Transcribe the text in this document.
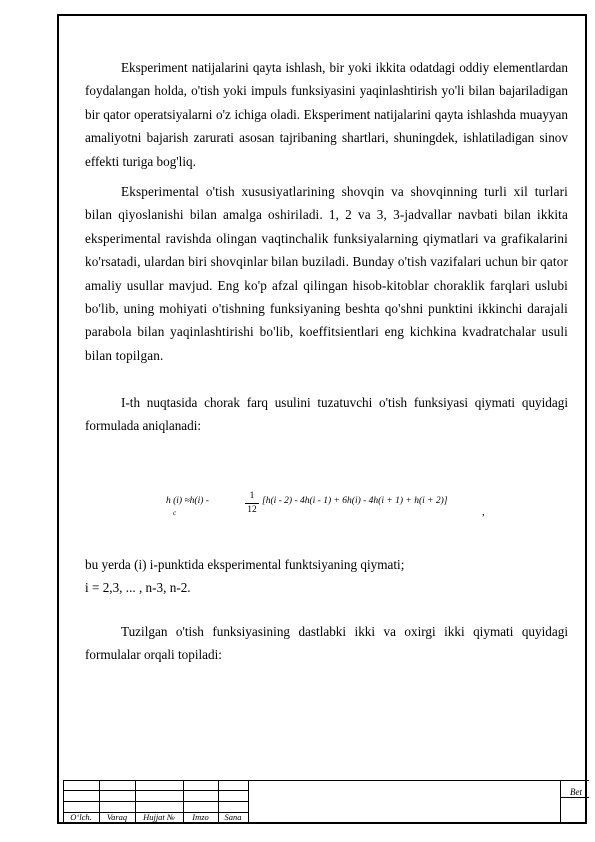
Eksperiment natijalarini qayta ishlash, bir yoki ikkita odatdagi oddiy elementlardan foydalangan holda, o'tish yoki impuls funksiyasini yaqinlashtirish yo'li bilan bajariladigan bir qator operatsiyalarni o'z ichiga oladi. Eksperiment natijalarini qayta ishlashda muayyan amaliyotni bajarish zarurati asosan tajribaning shartlari, shuningdek, ishlatiladigan sinov effekti turiga bog'liq.

Eksperimental o'tish xususiyatlarining shovqin va shovqinning turli xil turlari bilan qiyoslanishi bilan amalga oshiriladi. 1, 2 va 3, 3-jadvallar navbati bilan ikkita eksperimental ravishda olingan vaqtinchalik funksiyalarning qiymatlari va grafikalarini ko'rsatadi, ulardan biri shovqinlar bilan buziladi. Bunday o'tish vazifalari uchun bir qator amaliy usullar mavjud. Eng ko'p afzal qilingan hisob-kitoblar choraklik farqlari uslubi bo'lib, uning mohiyati o'tishning funksiyaning beshta qo'shni punktini ikkinchi darajali parabola bilan yaqinlashtirishi bo'lib, koeffitsientlari eng kichkina kvadratchalar usuli bilan topilgan.

I-th nuqtasida chorak farq usulini tuzatuvchi o'tish funksiyasi qiymati quyidagi formulada aniqlanadi:

h (i) ≈h(i) -
c	$\frac{1}{12} [h(i - 2) - 4h(i - 1) + 6h(i) - 4h(i + 1) + h(i + 2)]$
,

bu yerda (i) i-punktida eksperimental funktsiyaning qiymati;

i = 2,3, ... , n-3, n-2.

Tuzilgan o'tish funksiyasining dastlabki ikki va oxirgi ikki qiymati quyidagi formulalar orqali topiladi:

O‘lch.	Varaq	Hujjat №	Imzo	Sana
Bet
